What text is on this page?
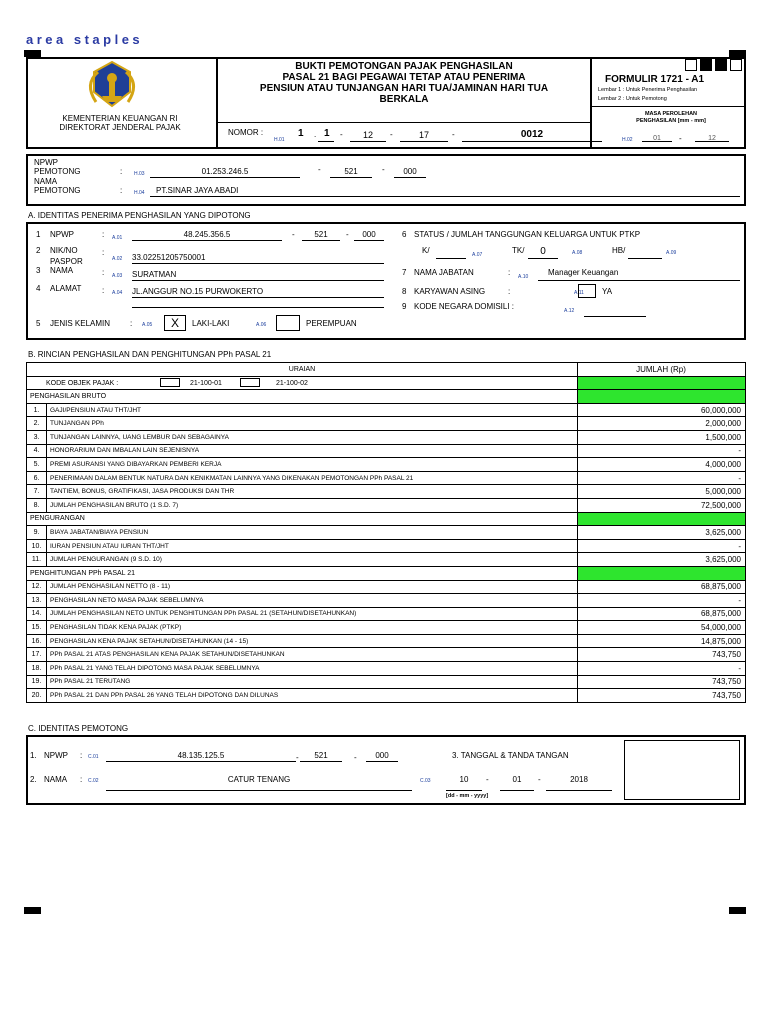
area staples
KEMENTERIAN KEUANGAN RI
DIREKTORAT JENDERAL PAJAK
BUKTI PEMOTONGAN PAJAK PENGHASILAN
PASAL 21 BAGI PEGAWAI TETAP ATAU PENERIMA
PENSIUN ATAU TUNJANGAN HARI TUA/JAMINAN HARI TUA
BERKALA
FORMULIR 1721 - A1
Lembar 1 : Untuk Penerima Penghasilan
Lembar 2 : Untuk Pemotong
NOMOR :
H.01
1 . 1 -	12	-	17	-	0012
MASA PEROLEHAN
PENGHASILAN [mm - mm]
H.02	01	-	12
NPWP
PEMOTONG	: H.03	01.253.246.5	-	521	-	000
NAMA
PEMOTONG	: H.04 PT.SINAR JAYA ABADI
A. IDENTITAS PENERIMA PENGHASILAN YANG DIPOTONG
1 NPWP	: A.01	48.245.356.5	-	521	-	000
2 NIK/NO
PASPOR
:
A.02 33.02251205750001
3 NAMA	: A.03 SURATMAN
4 ALAMAT	: A.04 JL.ANGGUR NO.15 PURWOKERTO
5 JENIS KELAMIN : A.05	X	LAKI-LAKI	A.06	PEREMPUAN
6 STATUS / JUMLAH TANGGUNGAN KELUARGA UNTUK PTKP
K/	A.07	TK/	0	A.08	HB/	A.09
7 NAMA JABATAN	: A.10 Manager Keuangan
8 KARYAWAN ASING	:	A.11 YA
9 KODE NEGARA DOMISILI :	A.12
B. RINCIAN PENGHASILAN DAN PENGHITUNGAN PPh PASAL 21
URAIAN		JUMLAH (Rp)
KODE OBJEK PAJAK : 21-100-01 21-100-02		
PENGHASILAN BRUTO		
1.	GAJI/PENSIUN ATAU THT/JHT	60,000,000
2.	TUNJANGAN PPh	2,000,000
3.	TUNJANGAN LAINNYA, UANG LEMBUR DAN SEBAGAINYA	1,500,000
4.	HONORARIUM DAN IMBALAN LAIN SEJENISNYA	-
5.	PREMI ASURANSI YANG DIBAYARKAN PEMBERI KERJA	4,000,000
6.	PENERIMAAN DALAM BENTUK NATURA DAN KENIKMATAN LAINNYA YANG DIKENAKAN PEMOTONGAN PPh PASAL 21	-
7.	TANTIEM, BONUS, GRATIFIKASI, JASA PRODUKSI DAN THR	5,000,000
8.	JUMLAH PENGHASILAN BRUTO (1 S.D. 7)	72,500,000
PENGURANGAN		
9.	BIAYA JABATAN/BIAYA PENSIUN	3,625,000
10.	IURAN PENSIUN ATAU IURAN THT/JHT	-
11.	JUMLAH PENGURANGAN (9 S.D. 10)	3,625,000
PENGHITUNGAN PPh PASAL 21		
12.	JUMLAH PENGHASILAN NETTO (8 - 11)	68,875,000
13.	PENGHASILAN NETO MASA PAJAK SEBELUMNYA	-
14.	JUMLAH PENGHASILAN NETO UNTUK PENGHITUNGAN PPh PASAL 21 (SETAHUN/DISETAHUNKAN)	68,875,000
15.	PENGHASILAN TIDAK KENA PAJAK (PTKP)	54,000,000
16.	PENGHASILAN KENA PAJAK SETAHUN/DISETAHUNKAN (14 - 15)	14,875,000
17.	PPh PASAL 21 ATAS PENGHASILAN KENA PAJAK SETAHUN/DISETAHUNKAN	743,750
18.	PPh PASAL 21 YANG TELAH DIPOTONG MASA PAJAK SEBELUMNYA	-
19.	PPh PASAL 21 TERUTANG	743,750
20.	PPh PASAL 21 DAN PPh PASAL 26 YANG TELAH DIPOTONG DAN DILUNAS	743,750
C. IDENTITAS PEMOTONG
1. NPWP : C.01	48.135.125.5	-	521	-	000	3. TANGGAL & TANDA TANGAN
2. NAMA : C.02	CATUR TENANG	C.03	10	-	01	-	2018
[dd - mm - yyyy]
